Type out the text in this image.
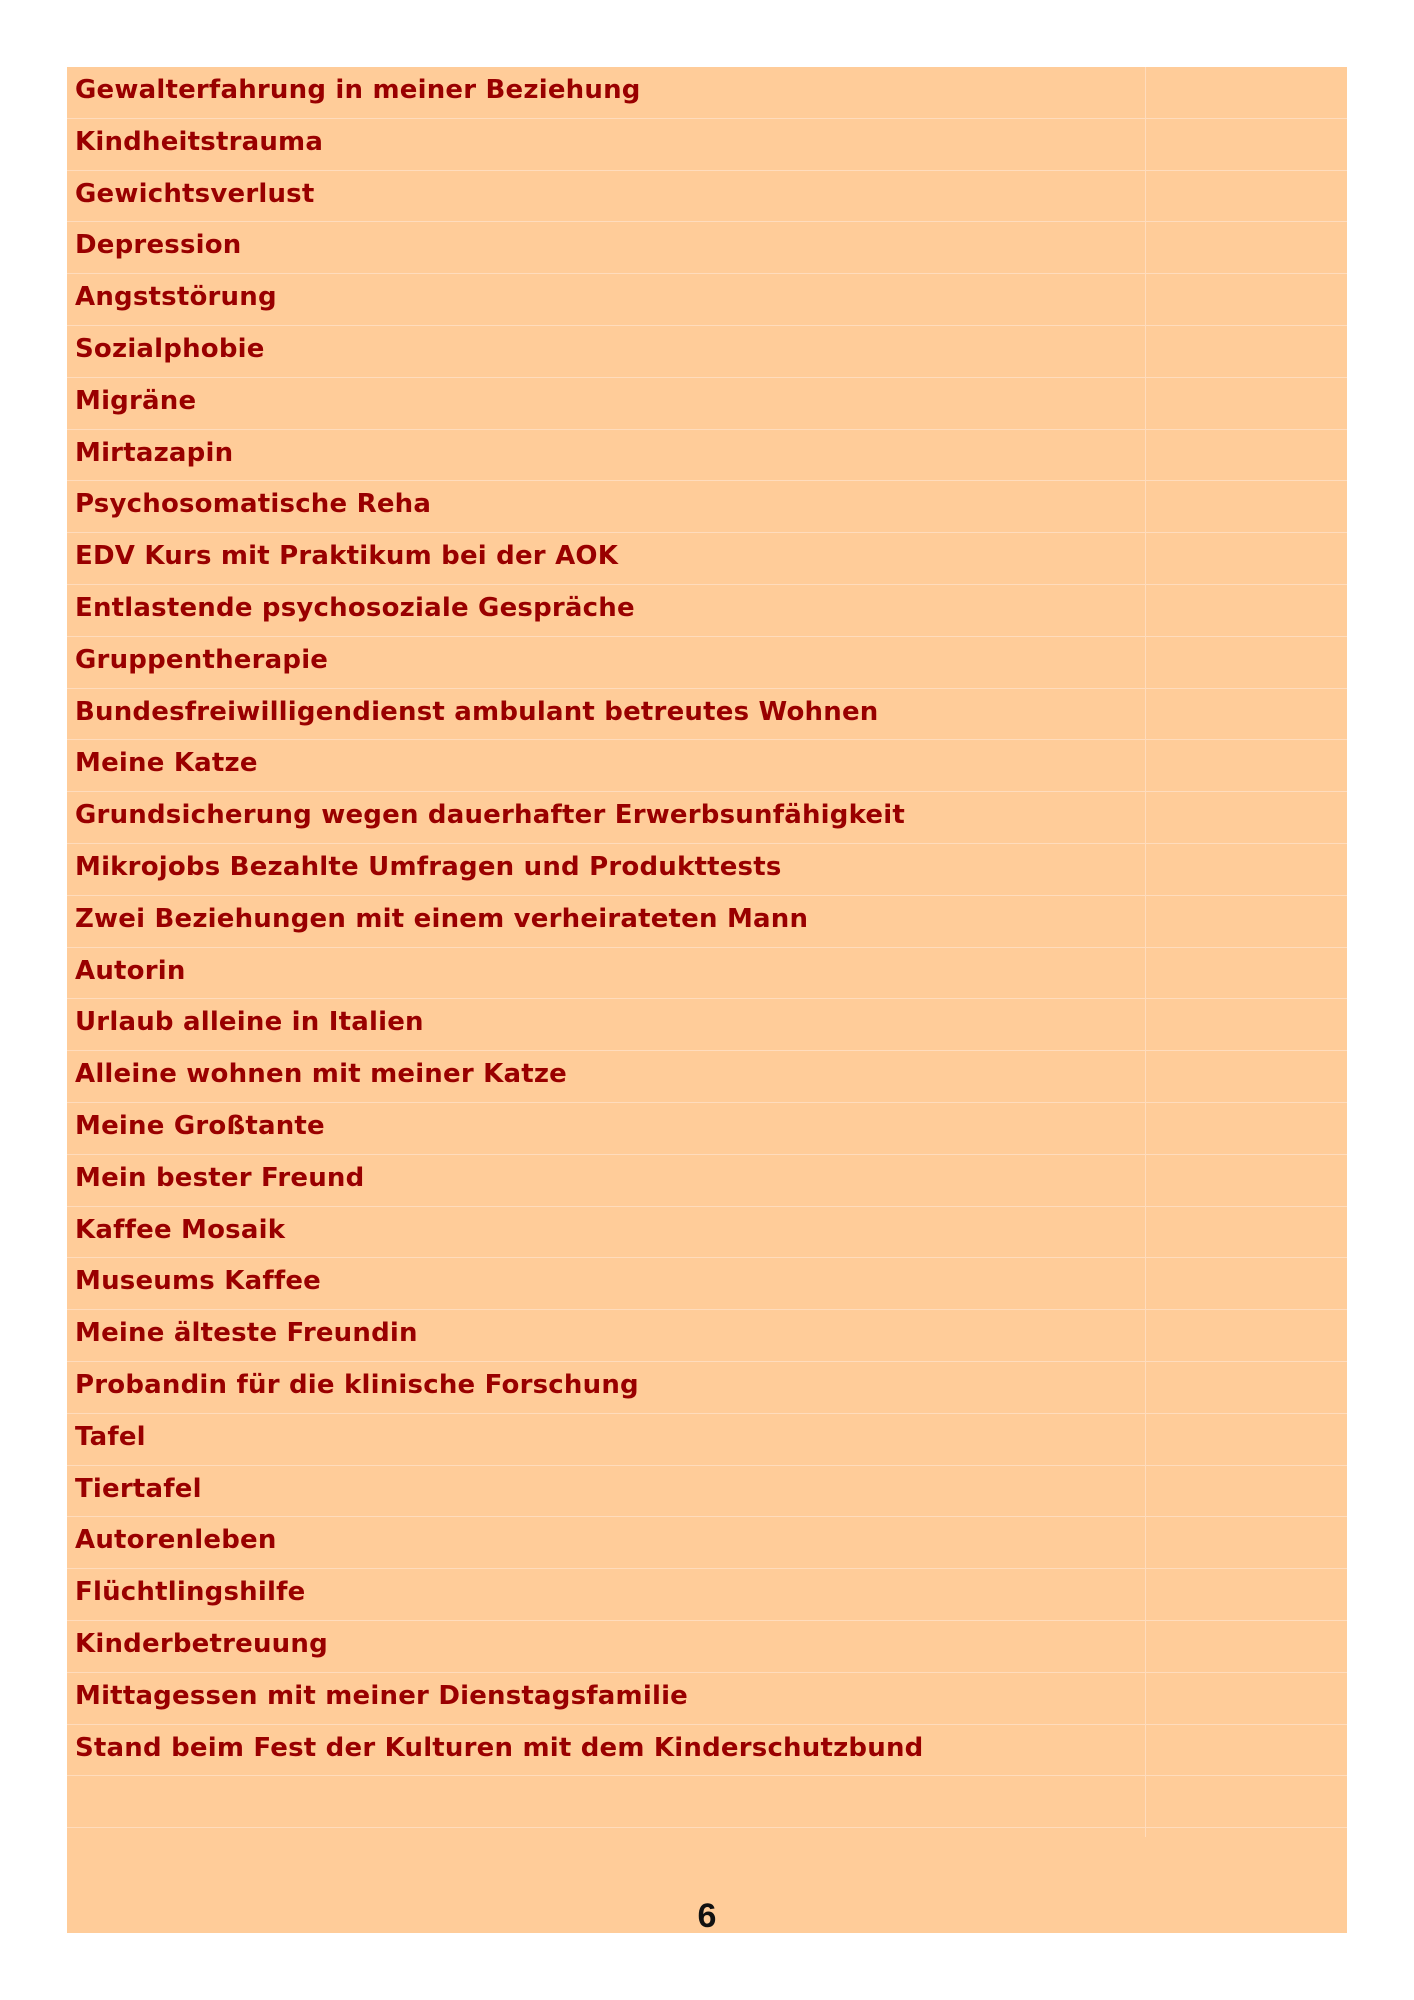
Gewalterfahrung in meiner Beziehung
Kindheitstrauma
Gewichtsverlust
Depression
Angststörung
Sozialphobie
Migräne
Mirtazapin
Psychosomatische Reha
EDV Kurs mit Praktikum bei der AOK
Entlastende psychosoziale Gespräche
Gruppentherapie
Bundesfreiwilligendienst ambulant betreutes Wohnen
Meine Katze
Grundsicherung wegen dauerhafter Erwerbsunfähigkeit
Mikrojobs Bezahlte Umfragen und Produkttests
Zwei Beziehungen mit einem verheirateten Mann
Autorin
Urlaub alleine in Italien
Alleine wohnen mit meiner Katze
Meine Großtante
Mein bester Freund
Kaffee Mosaik
Museums Kaffee
Meine älteste Freundin
Probandin für die klinische Forschung
Tafel
Tiertafel
Autorenleben
Flüchtlingshilfe
Kinderbetreuung
Mittagessen mit meiner Dienstagsfamilie
Stand beim Fest der Kulturen mit dem Kinderschutzbund
6
